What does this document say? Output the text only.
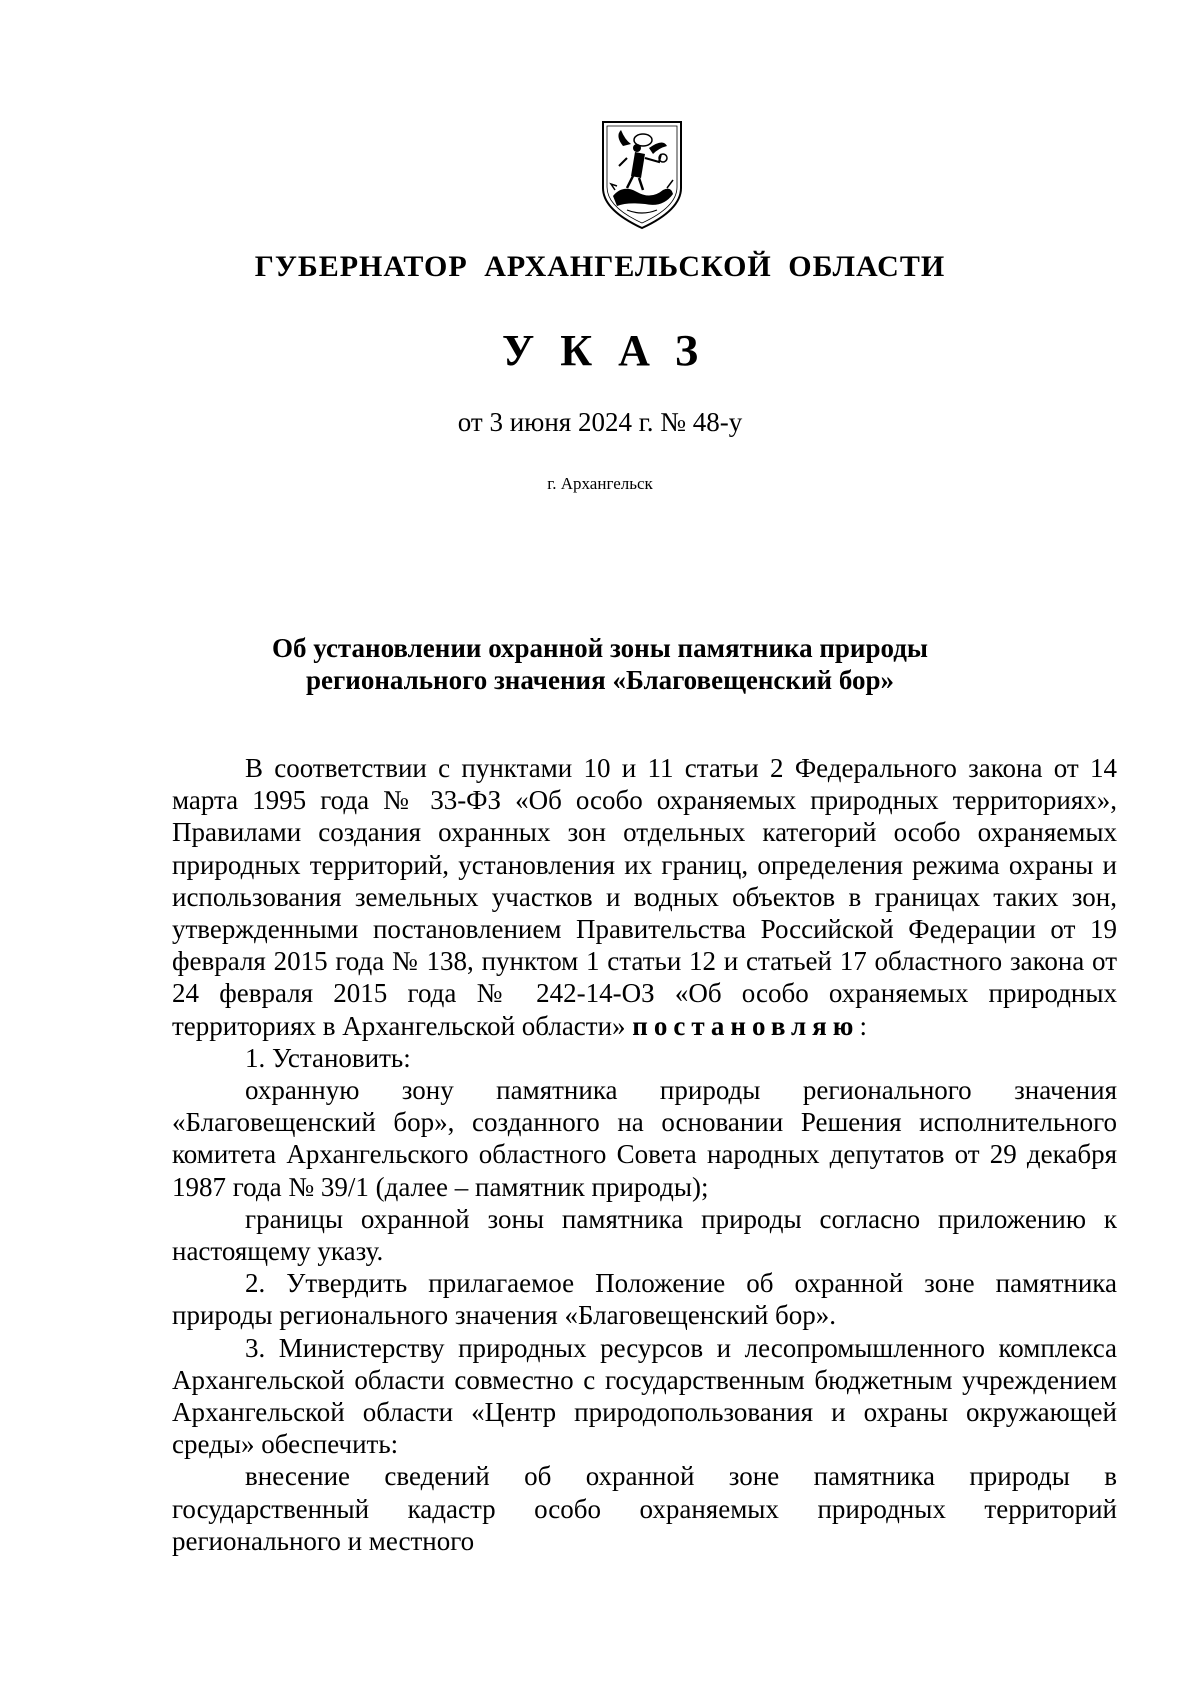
ГУБЕРНАТОР АРХАНГЕЛЬСКОЙ ОБЛАСТИ
УКАЗ
от 3 июня 2024 г. № 48-у
г. Архангельск
Об установлении охранной зоны памятника природы
регионального значения «Благовещенский бор»

В соответствии с пунктами 10 и 11 статьи 2 Федерального закона от 14 марта 1995 года № 33-ФЗ «Об особо охраняемых природных территориях», Правилами создания охранных зон отдельных категорий особо охраняемых природных территорий, установления их границ, определения режима охраны и использования земельных участков и водных объектов в границах таких зон, утвержденными постановлением Правительства Российской Федерации от 19 февраля 2015 года № 138, пунктом 1 статьи 12 и статьей 17 областного закона от 24 февраля 2015 года № 242-14-ОЗ «Об особо охраняемых природных территориях в Архангельской области» постановляю:

1. Установить:

охранную зону памятника природы регионального значения «Благовещенский бор», созданного на основании Решения исполнительного комитета Архангельского областного Совета народных депутатов от 29 декабря 1987 года № 39/1 (далее – памятник природы);

границы охранной зоны памятника природы согласно приложению к настоящему указу.

2. Утвердить прилагаемое Положение об охранной зоне памятника природы регионального значения «Благовещенский бор».

3. Министерству природных ресурсов и лесопромышленного комплекса Архангельской области совместно с государственным бюджетным учреждением Архангельской области «Центр природопользования и охраны окружающей среды» обеспечить:

внесение сведений об охранной зоне памятника природы в государственный кадастр особо охраняемых природных территорий регионального и местного
